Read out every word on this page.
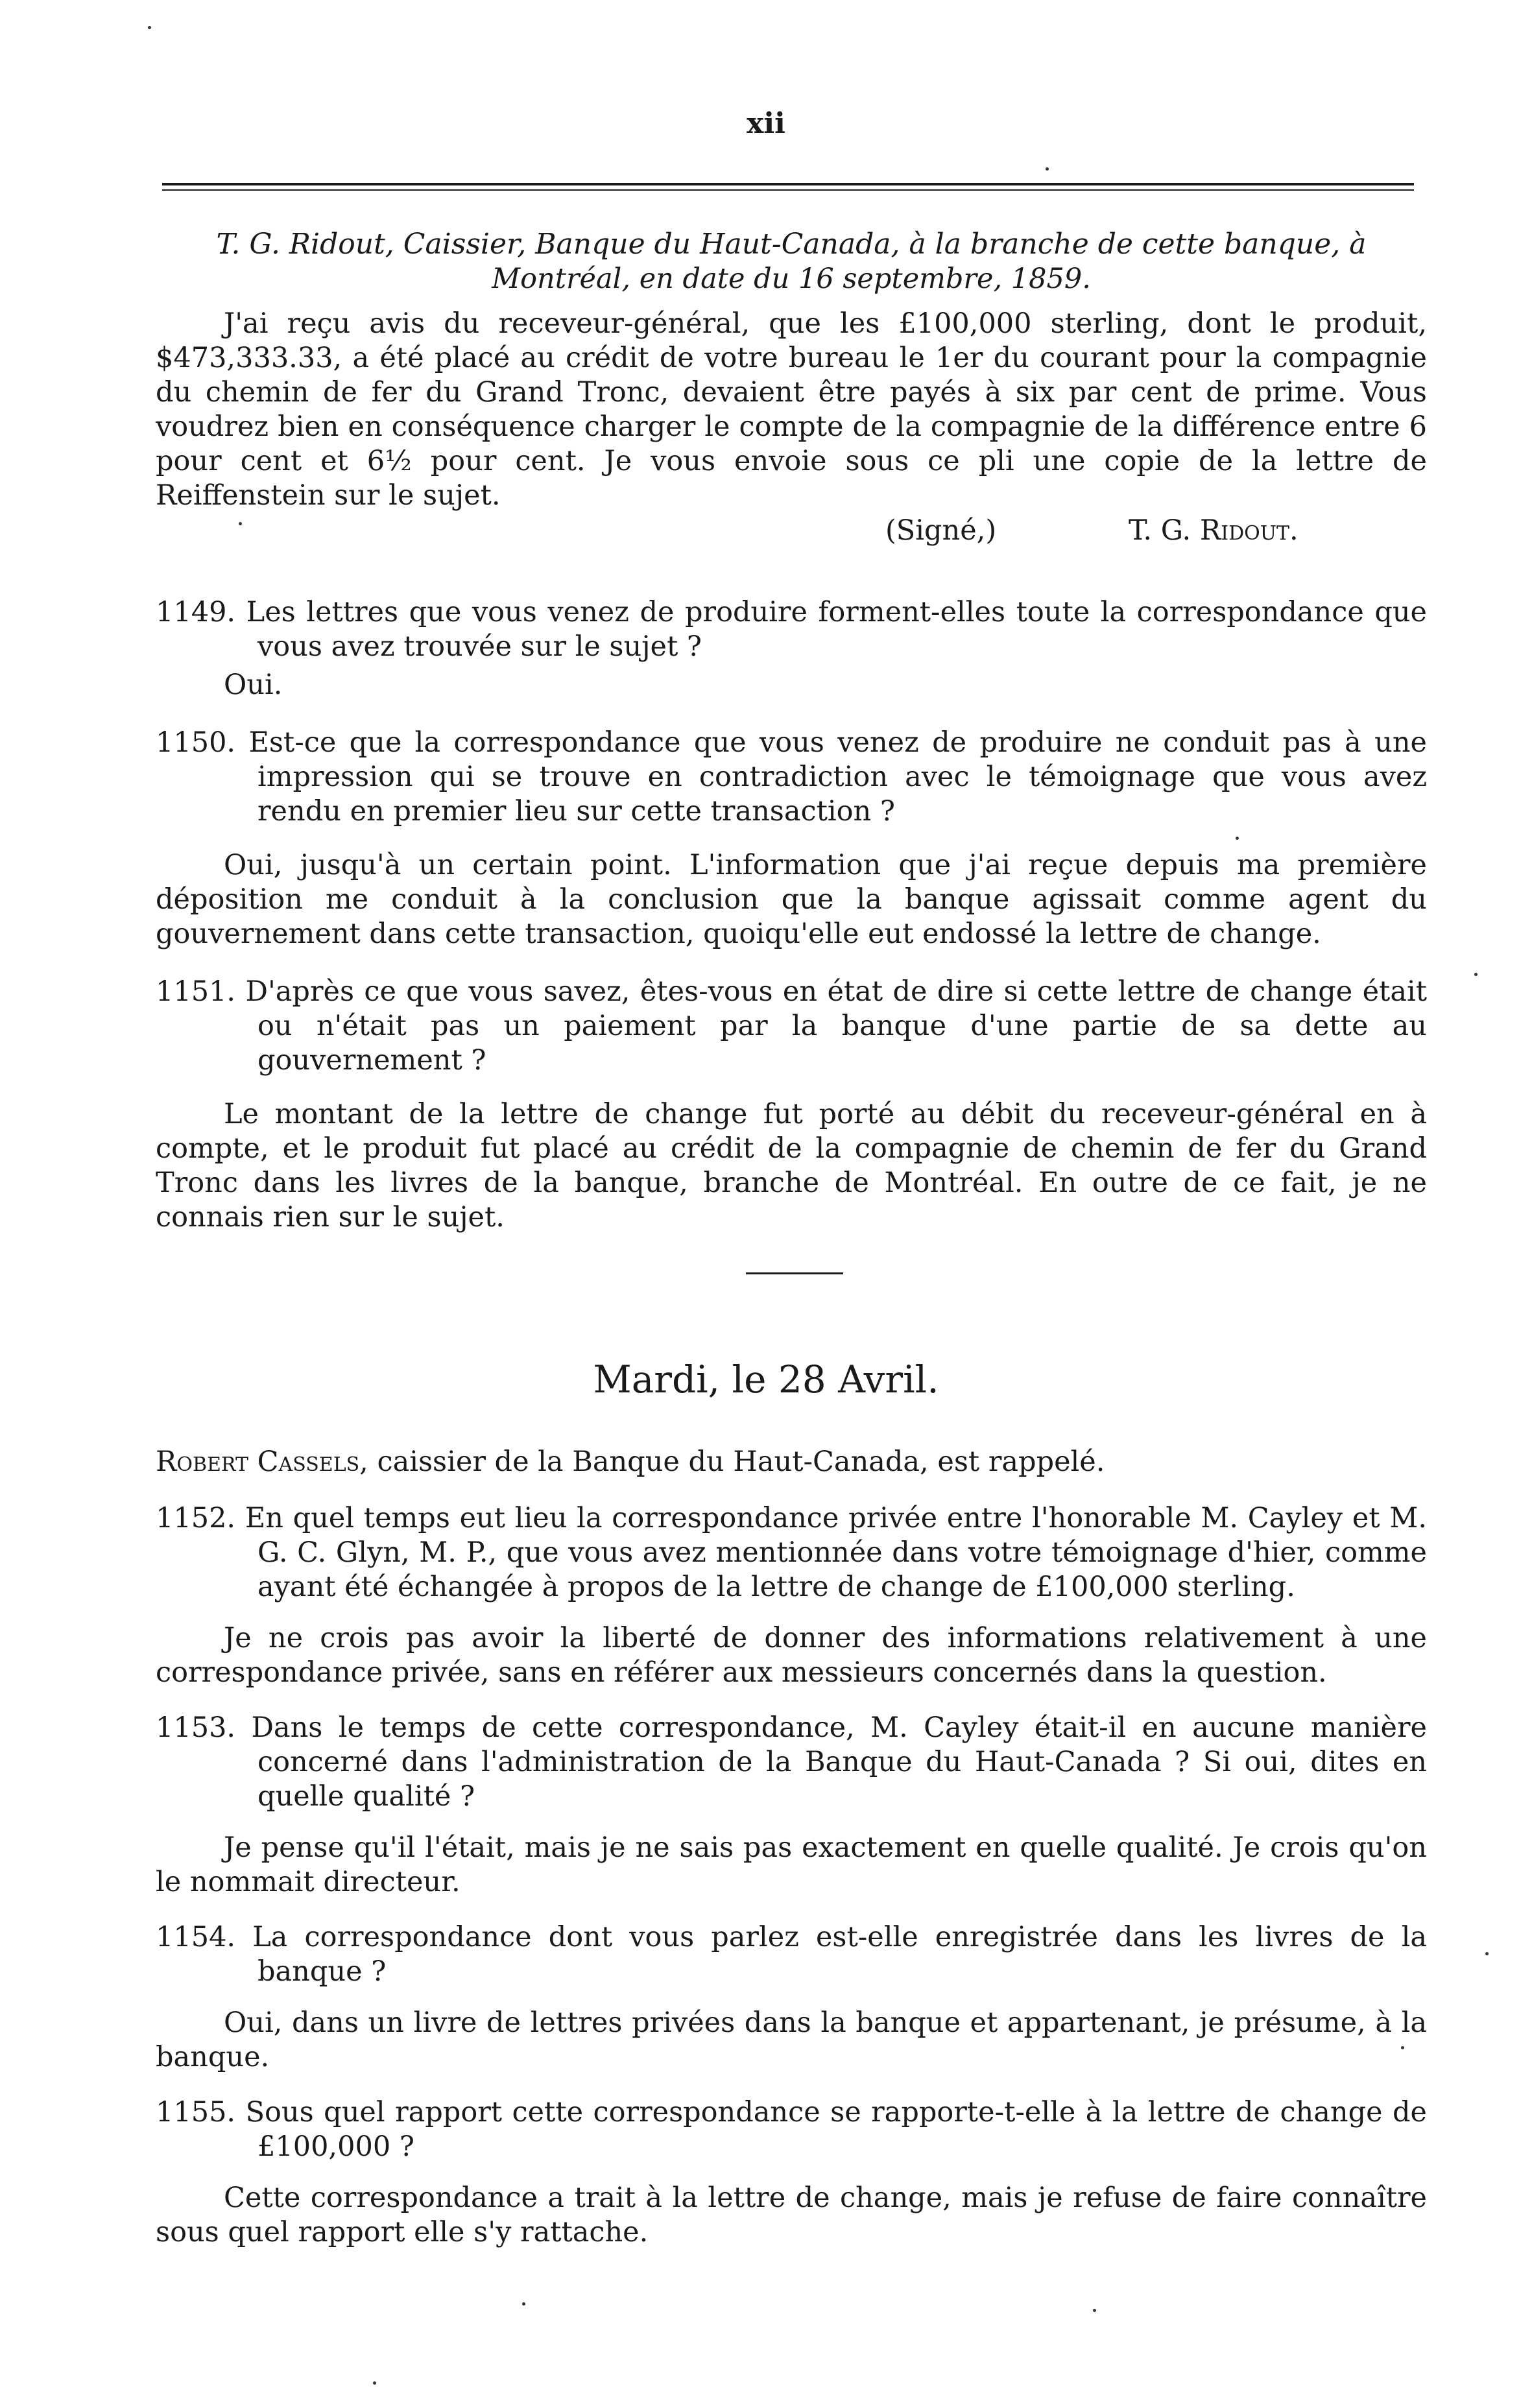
xii

T. G. Ridout, Caissier, Banque du Haut-Canada, à la branche de cette banque, à

Montréal, en date du 16 septembre, 1859.

J'ai reçu avis du receveur-général, que les £100,000 sterling, dont le produit, $473,333.33, a été placé au crédit de votre bureau le 1er du courant pour la compagnie du chemin de fer du Grand Tronc, devaient être payés à six par cent de prime. Vous voudrez bien en conséquence charger le compte de la compagnie de la différence entre 6 pour cent et 6½ pour cent. Je vous envoie sous ce pli une copie de la lettre de Reiffenstein sur le sujet.

(Signé,)	T. G. Ridout.

1149. Les lettres que vous venez de produire forment-elles toute la correspondance que vous avez trouvée sur le sujet ?

Oui.

1150. Est-ce que la correspondance que vous venez de produire ne conduit pas à une impression qui se trouve en contradiction avec le témoignage que vous avez rendu en premier lieu sur cette transaction ?

Oui, jusqu'à un certain point. L'information que j'ai reçue depuis ma première déposition me conduit à la conclusion que la banque agissait comme agent du gouvernement dans cette transaction, quoiqu'elle eut endossé la lettre de change.

1151. D'après ce que vous savez, êtes-vous en état de dire si cette lettre de change était ou n'était pas un paiement par la banque d'une partie de sa dette au gouvernement ?

Le montant de la lettre de change fut porté au débit du receveur-général en à compte, et le produit fut placé au crédit de la compagnie de chemin de fer du Grand Tronc dans les livres de la banque, branche de Montréal. En outre de ce fait, je ne connais rien sur le sujet.

Mardi, le 28 Avril.

Robert Cassels, caissier de la Banque du Haut-Canada, est rappelé.

1152. En quel temps eut lieu la correspondance privée entre l'honorable M. Cayley et M. G. C. Glyn, M. P., que vous avez mentionnée dans votre témoignage d'hier, comme ayant été échangée à propos de la lettre de change de £100,000 sterling.

Je ne crois pas avoir la liberté de donner des informations relativement à une correspondance privée, sans en référer aux messieurs concernés dans la question.

1153. Dans le temps de cette correspondance, M. Cayley était-il en aucune manière concerné dans l'administration de la Banque du Haut-Canada ? Si oui, dites en quelle qualité ?

Je pense qu'il l'était, mais je ne sais pas exactement en quelle qualité. Je crois qu'on le nommait directeur.

1154. La correspondance dont vous parlez est-elle enregistrée dans les livres de la banque ?

Oui, dans un livre de lettres privées dans la banque et appartenant, je présume, à la banque.

1155. Sous quel rapport cette correspondance se rapporte-t-elle à la lettre de change de £100,000 ?

Cette correspondance a trait à la lettre de change, mais je refuse de faire connaître sous quel rapport elle s'y rattache.
